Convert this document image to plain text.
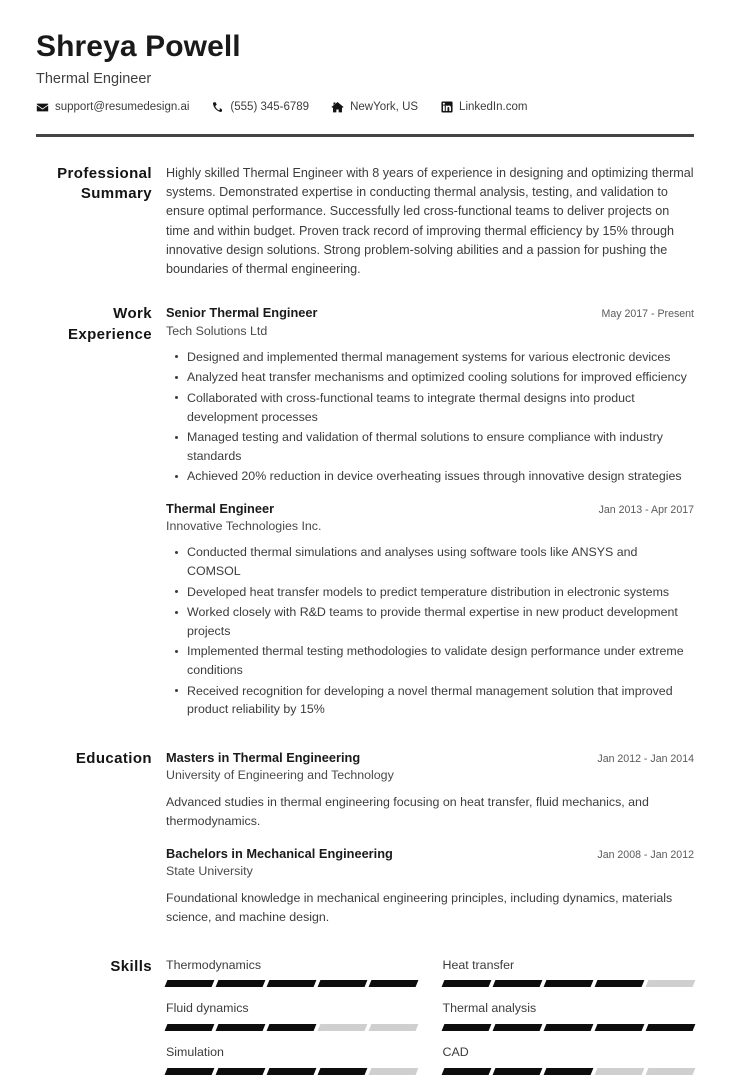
Shreya Powell
Thermal Engineer
support@resumedesign.ai	(555) 345-6789	NewYork, US	LinkedIn.com
Professional Summary

Highly skilled Thermal Engineer with 8 years of experience in designing and optimizing thermal systems. Demonstrated expertise in conducting thermal analysis, testing, and validation to ensure optimal performance. Successfully led cross-functional teams to deliver projects on time and within budget. Proven track record of improving thermal efficiency by 15% through innovative design solutions. Strong problem-solving abilities and a passion for pushing the boundaries of thermal engineering.

Work Experience
Senior Thermal Engineer	May 2017 - Present
Tech Solutions Ltd
Designed and implemented thermal management systems for various electronic devices
Analyzed heat transfer mechanisms and optimized cooling solutions for improved efficiency
Collaborated with cross-functional teams to integrate thermal designs into product development processes
Managed testing and validation of thermal solutions to ensure compliance with industry standards
Achieved 20% reduction in device overheating issues through innovative design strategies
Thermal Engineer	Jan 2013 - Apr 2017
Innovative Technologies Inc.
Conducted thermal simulations and analyses using software tools like ANSYS and COMSOL
Developed heat transfer models to predict temperature distribution in electronic systems
Worked closely with R&D teams to provide thermal expertise in new product development projects
Implemented thermal testing methodologies to validate design performance under extreme conditions
Received recognition for developing a novel thermal management solution that improved product reliability by 15%
Education	Masters in Thermal Engineering	Jan 2012 - Jan 2014
University of Engineering and Technology
Advanced studies in thermal engineering focusing on heat transfer, fluid mechanics, and thermodynamics.
Bachelors in Mechanical Engineering	Jan 2008 - Jan 2012
State University
Foundational knowledge in mechanical engineering principles, including dynamics, materials science, and machine design.
Skills	Thermodynamics	Heat transfer
Fluid dynamics	Thermal analysis
Simulation	CAD
